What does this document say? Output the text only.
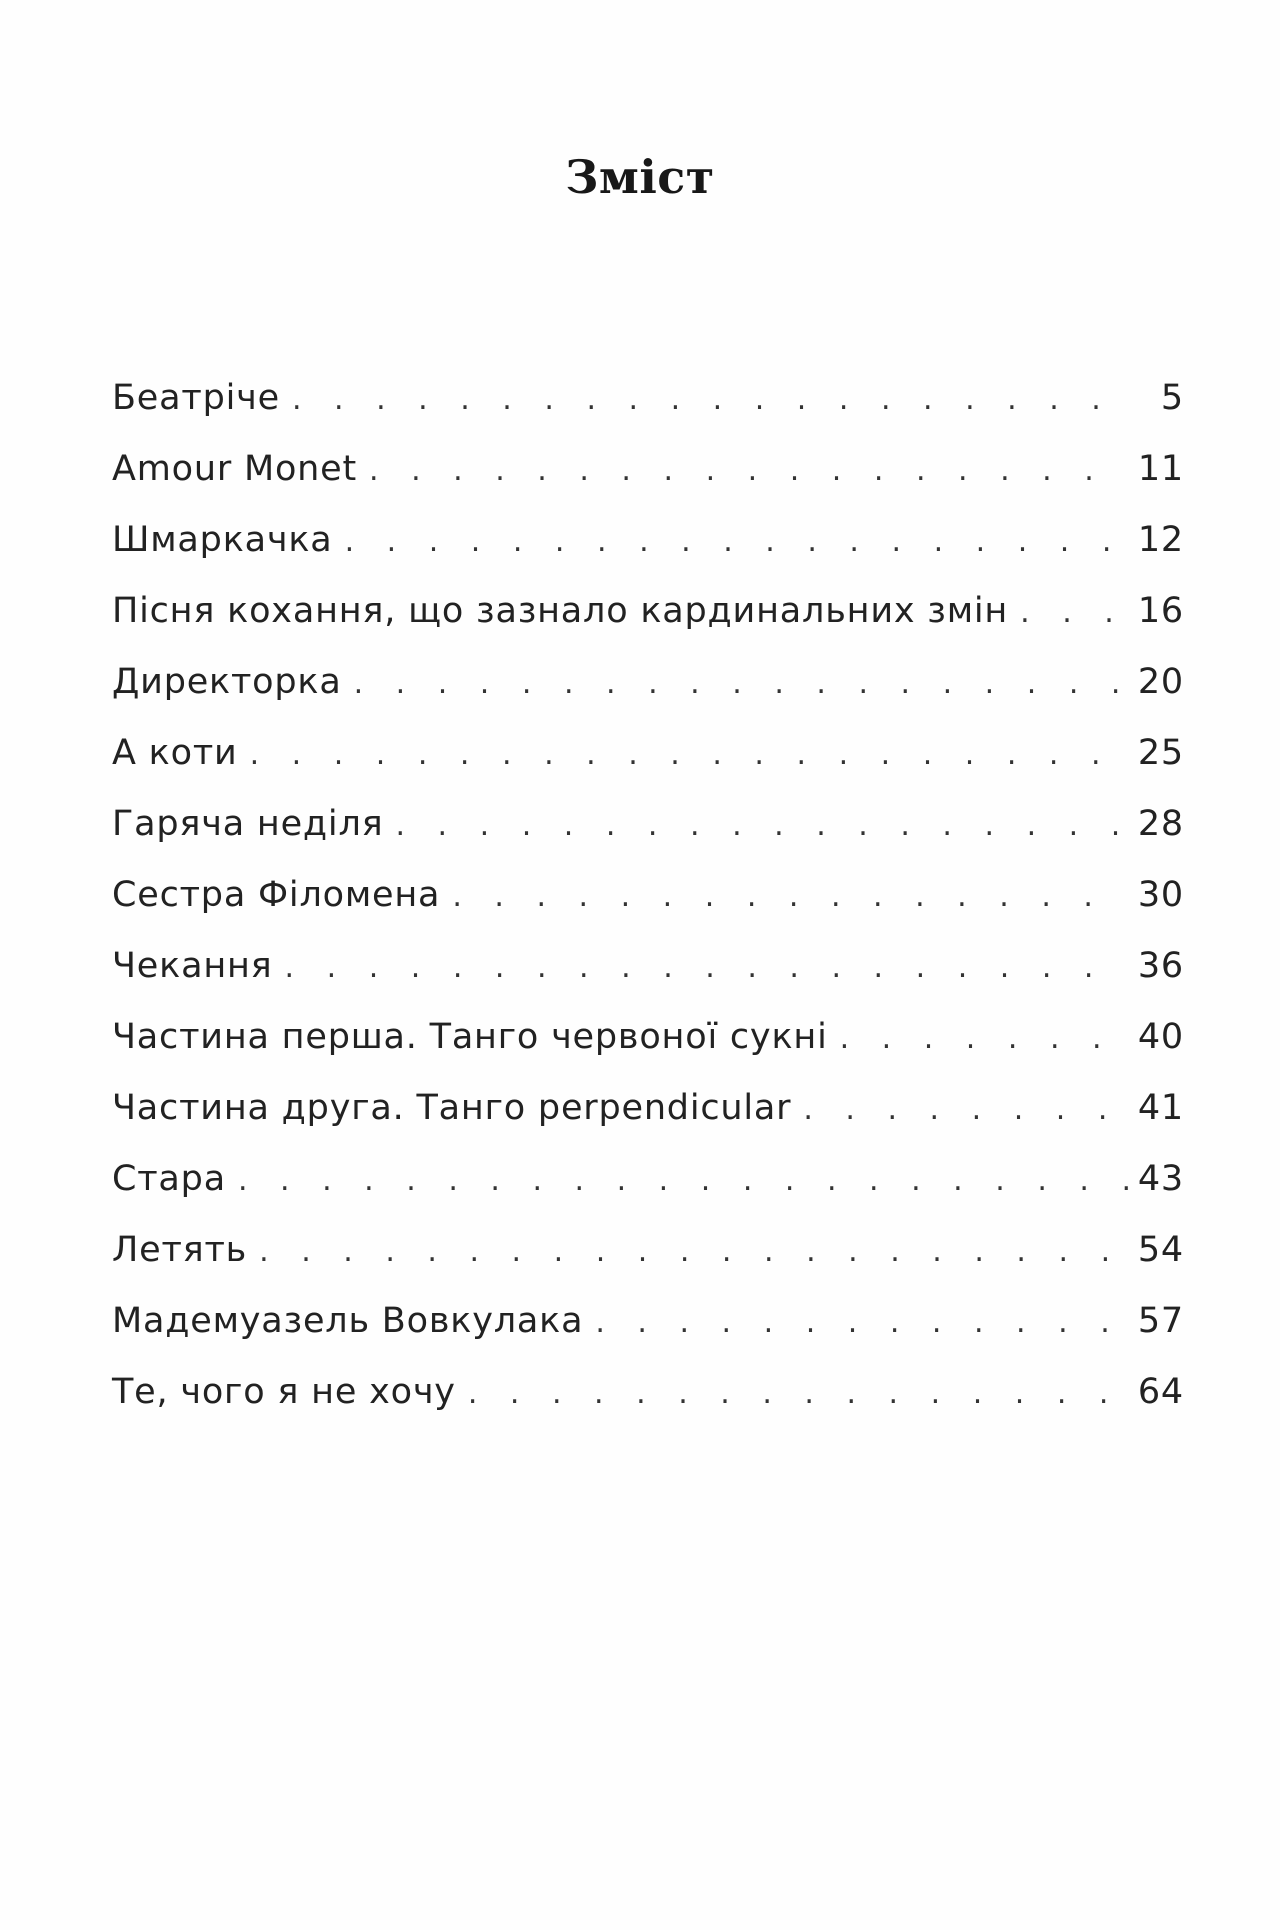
Зміст
Беатріче . . .	5
Amour Monet . . .	11
Шмаркачка . . .	12
Пісня кохання, що зазнало кардинальних змін . . .	16
Директорка . . .	20
А коти . . .	25
Гаряча неділя . . .	28
Сестра Філомена . . .	30
Чекання . . .	36
Частина перша. Танго червоної сукні . . .	40
Частина друга. Танго perpendicular . . .	41
Стара . . .	43
Летять . . .	54
Мадемуазель Вовкулака . . .	57
Те, чого я не хочу . . .	64
